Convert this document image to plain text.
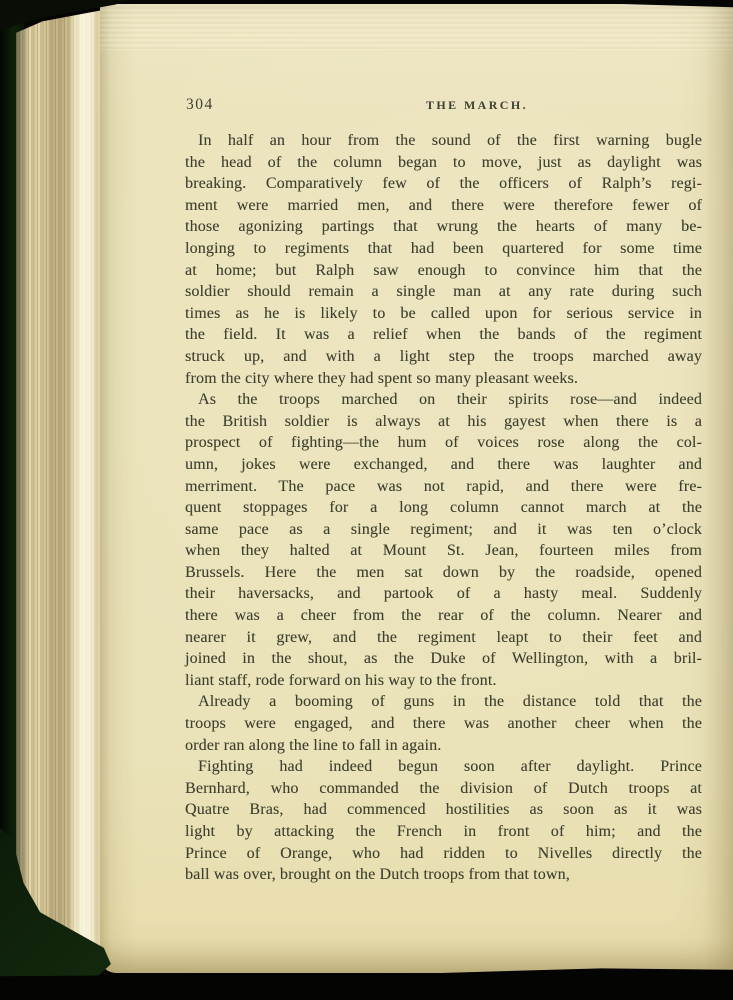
304	THE MARCH.

In half an hour from the sound of the first warning bugle
the head of the column began to move, just as daylight was
breaking. Comparatively few of the officers of Ralph’s regi-
ment were married men, and there were therefore fewer of
those agonizing partings that wrung the hearts of many be-
longing to regiments that had been quartered for some time
at home; but Ralph saw enough to convince him that the
soldier should remain a single man at any rate during such
times as he is likely to be called upon for serious service in
the field. It was a relief when the bands of the regiment
struck up, and with a light step the troops marched away
from the city where they had spent so many pleasant weeks.

As the troops marched on their spirits rose—and indeed
the British soldier is always at his gayest when there is a
prospect of fighting—the hum of voices rose along the col-
umn, jokes were exchanged, and there was laughter and
merriment. The pace was not rapid, and there were fre-
quent stoppages for a long column cannot march at the
same pace as a single regiment; and it was ten o’clock
when they halted at Mount St. Jean, fourteen miles from
Brussels. Here the men sat down by the roadside, opened
their haversacks, and partook of a hasty meal. Suddenly
there was a cheer from the rear of the column. Nearer and
nearer it grew, and the regiment leapt to their feet and
joined in the shout, as the Duke of Wellington, with a bril-
liant staff, rode forward on his way to the front.

Already a booming of guns in the distance told that the
troops were engaged, and there was another cheer when the
order ran along the line to fall in again.

Fighting had indeed begun soon after daylight. Prince
Bernhard, who commanded the division of Dutch troops at
Quatre Bras, had commenced hostilities as soon as it was
light by attacking the French in front of him; and the
Prince of Orange, who had ridden to Nivelles directly the
ball was over, brought on the Dutch troops from that town,
